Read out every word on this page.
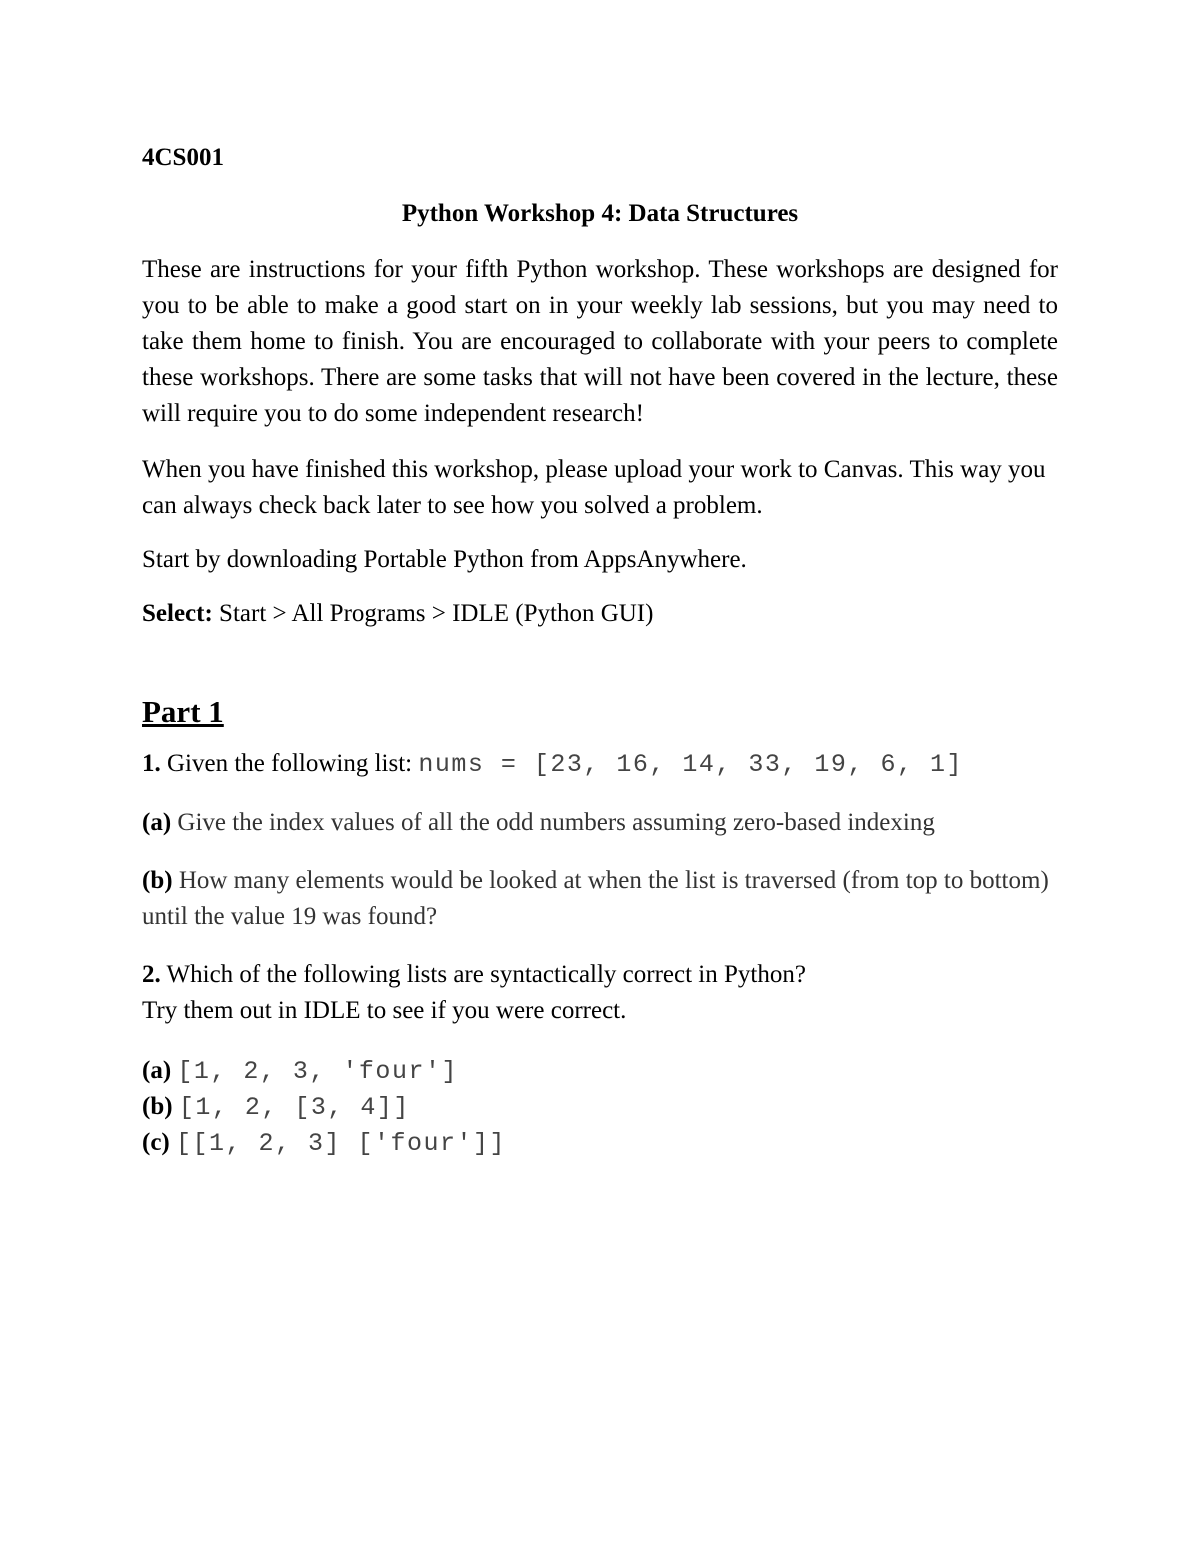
4CS001

Python Workshop 4: Data Structures

These are instructions for your fifth Python workshop. These workshops are designed for you to be able to make a good start on in your weekly lab sessions, but you may need to take them home to finish. You are encouraged to collaborate with your peers to complete these workshops. There are some tasks that will not have been covered in the lecture, these will require you to do some independent research!

When you have finished this workshop, please upload your work to Canvas. This way you can always check back later to see how you solved a problem.

Start by downloading Portable Python from AppsAnywhere.

Select: Start > All Programs > IDLE (Python GUI)

Part 1

1. Given the following list: nums = [23, 16, 14, 33, 19, 6, 1]

(a) Give the index values of all the odd numbers assuming zero-based indexing

(b) How many elements would be looked at when the list is traversed (from top to bottom) until the value 19 was found?

2. Which of the following lists are syntactically correct in Python?
Try them out in IDLE to see if you were correct.

(a) [1, 2, 3, 'four']
(b) [1, 2, [3, 4]]
(c) [[1, 2, 3] ['four']]
